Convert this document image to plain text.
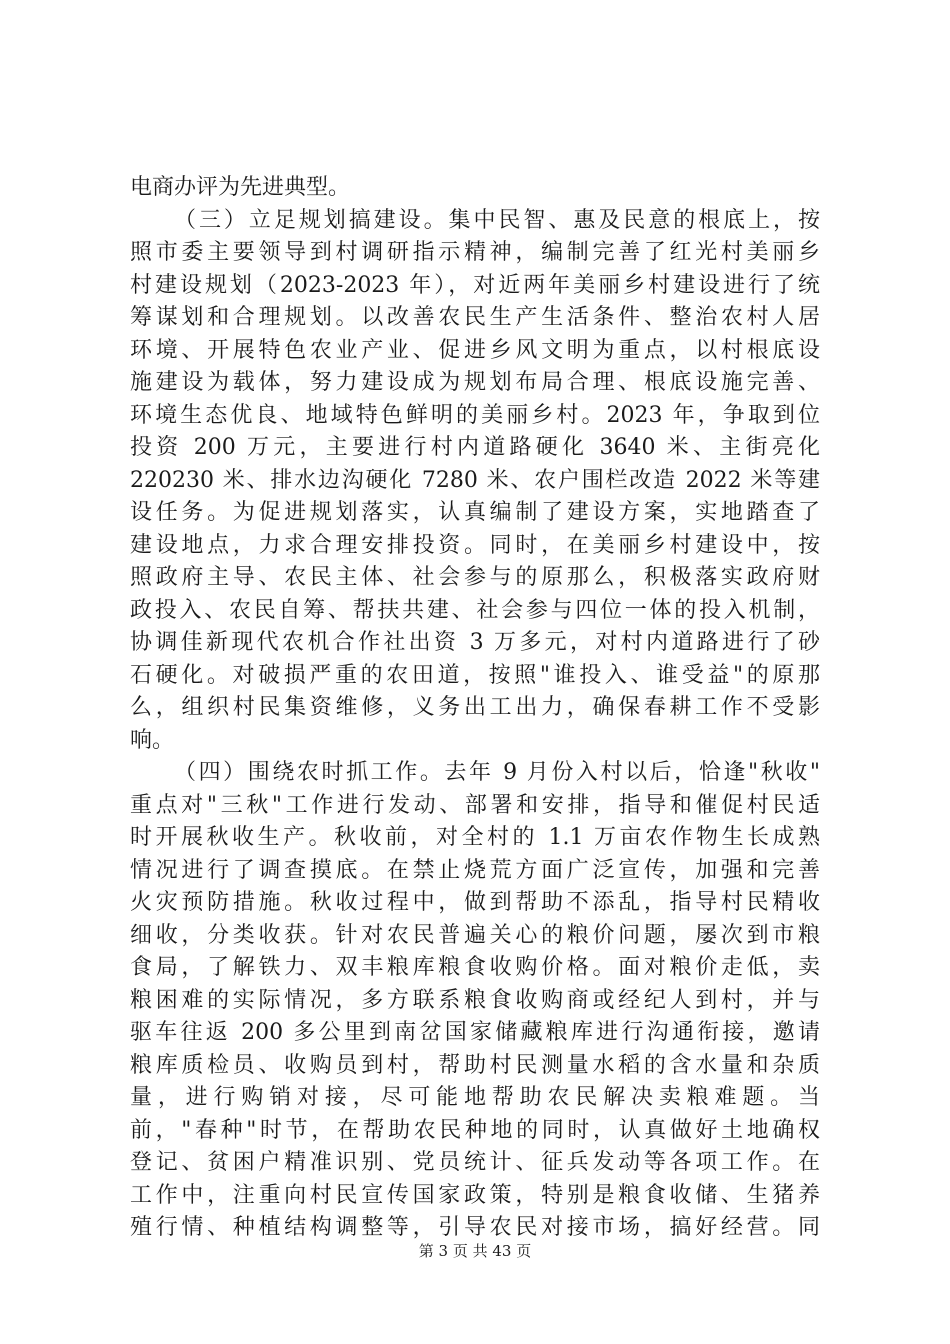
电商办评为先进典型。
（三）立足规划搞建设。集中民智、惠及民意的根底上，按
照市委主要领导到村调研指示精神，编制完善了红光村美丽乡
村建设规划（2023-2023 年），对近两年美丽乡村建设进行了统
筹谋划和合理规划。以改善农民生产生活条件、整治农村人居
环境、开展特色农业产业、促进乡风文明为重点，以村根底设
施建设为载体，努力建设成为规划布局合理、根底设施完善、
环境生态优良、地域特色鲜明的美丽乡村。2023 年，争取到位
投资 200 万元，主要进行村内道路硬化 3640 米、主街亮化
220230 米、排水边沟硬化 7280 米、农户围栏改造 2022 米等建
设任务。为促进规划落实，认真编制了建设方案，实地踏查了
建设地点，力求合理安排投资。同时，在美丽乡村建设中，按
照政府主导、农民主体、社会参与的原那么，积极落实政府财
政投入、农民自筹、帮扶共建、社会参与四位一体的投入机制，
协调佳新现代农机合作社出资 3 万多元，对村内道路进行了砂
石硬化。对破损严重的农田道，按照"谁投入、谁受益"的原那
么，组织村民集资维修，义务出工出力，确保春耕工作不受影
响。
（四）围绕农时抓工作。去年 9 月份入村以后，恰逢"秋收"
重点对"三秋"工作进行发动、部署和安排，指导和催促村民适
时开展秋收生产。秋收前，对全村的 1.1 万亩农作物生长成熟
情况进行了调查摸底。在禁止烧荒方面广泛宣传，加强和完善
火灾预防措施。秋收过程中，做到帮助不添乱，指导村民精收
细收，分类收获。针对农民普遍关心的粮价问题，屡次到市粮
食局，了解铁力、双丰粮库粮食收购价格。面对粮价走低，卖
粮困难的实际情况，多方联系粮食收购商或经纪人到村，并与
驱车往返 200 多公里到南岔国家储藏粮库进行沟通衔接，邀请
粮库质检员、收购员到村，帮助村民测量水稻的含水量和杂质
量，进行购销对接，尽可能地帮助农民解决卖粮难题。当
前，"春种"时节，在帮助农民种地的同时，认真做好土地确权
登记、贫困户精准识别、党员统计、征兵发动等各项工作。在
工作中，注重向村民宣传国家政策，特别是粮食收储、生猪养
殖行情、种植结构调整等，引导农民对接市场，搞好经营。同
第 3 页 共 43 页
